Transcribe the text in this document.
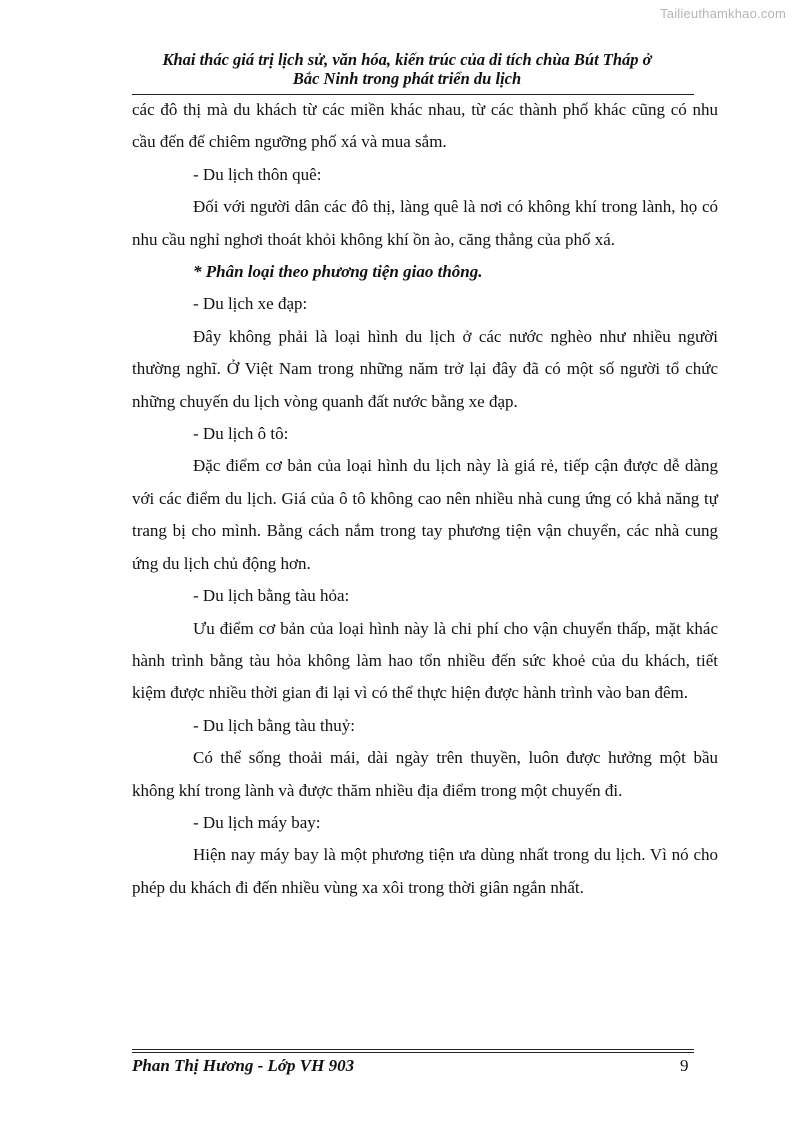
Tailieuthamkhao.com
Khai thác giá trị lịch sử, văn hóa, kiến trúc của di tích chùa Bút Tháp ở
Bắc Ninh trong phát triển du lịch

các đô thị mà du khách từ các miền khác nhau, từ các thành phố khác cũng có nhu cầu đến để chiêm ngưỡng phố xá và mua sắm.

- Du lịch thôn quê:

Đối với người dân các đô thị, làng quê là nơi có không khí trong lành, họ có nhu cầu nghỉ nghơi thoát khỏi không khí ồn ào, căng thẳng của phố xá.

* Phân loại theo phương tiện giao thông.

- Du lịch xe đạp:

Đây không phải là loại hình du lịch ở các nước nghèo như nhiều người thường nghĩ. Ở Việt Nam trong những năm trở lại đây đã có một số người tổ chức những chuyến du lịch vòng quanh đất nước bằng xe đạp.

- Du lịch ô tô:

Đặc điểm cơ bản của loại hình du lịch này là giá rẻ, tiếp cận được dễ dàng với các điểm du lịch. Giá của ô tô không cao nên nhiều nhà cung ứng có khả năng tự trang bị cho mình. Bằng cách nắm trong tay phương tiện vận chuyển, các nhà cung ứng du lịch chủ động hơn.

- Du lịch bằng tàu hỏa:

Ưu điểm cơ bản của loại hình này là chi phí cho vận chuyển thấp, mặt khác hành trình bằng tàu hỏa không làm hao tổn nhiều đến sức khoẻ của du khách, tiết kiệm được nhiều thời gian đi lại vì có thể thực hiện được hành trình vào ban đêm.

- Du lịch bằng tàu thuỷ:

Có thể sống thoải mái, dài ngày trên thuyền, luôn được hưởng một bầu không khí trong lành và được thăm nhiều địa điểm trong một chuyến đi.

- Du lịch máy bay:

Hiện nay máy bay là một phương tiện ưa dùng nhất trong du lịch. Vì nó cho phép du khách đi đến nhiều vùng xa xôi trong thời giân ngắn nhất.

Phan Thị Hương - Lớp VH 903	9
